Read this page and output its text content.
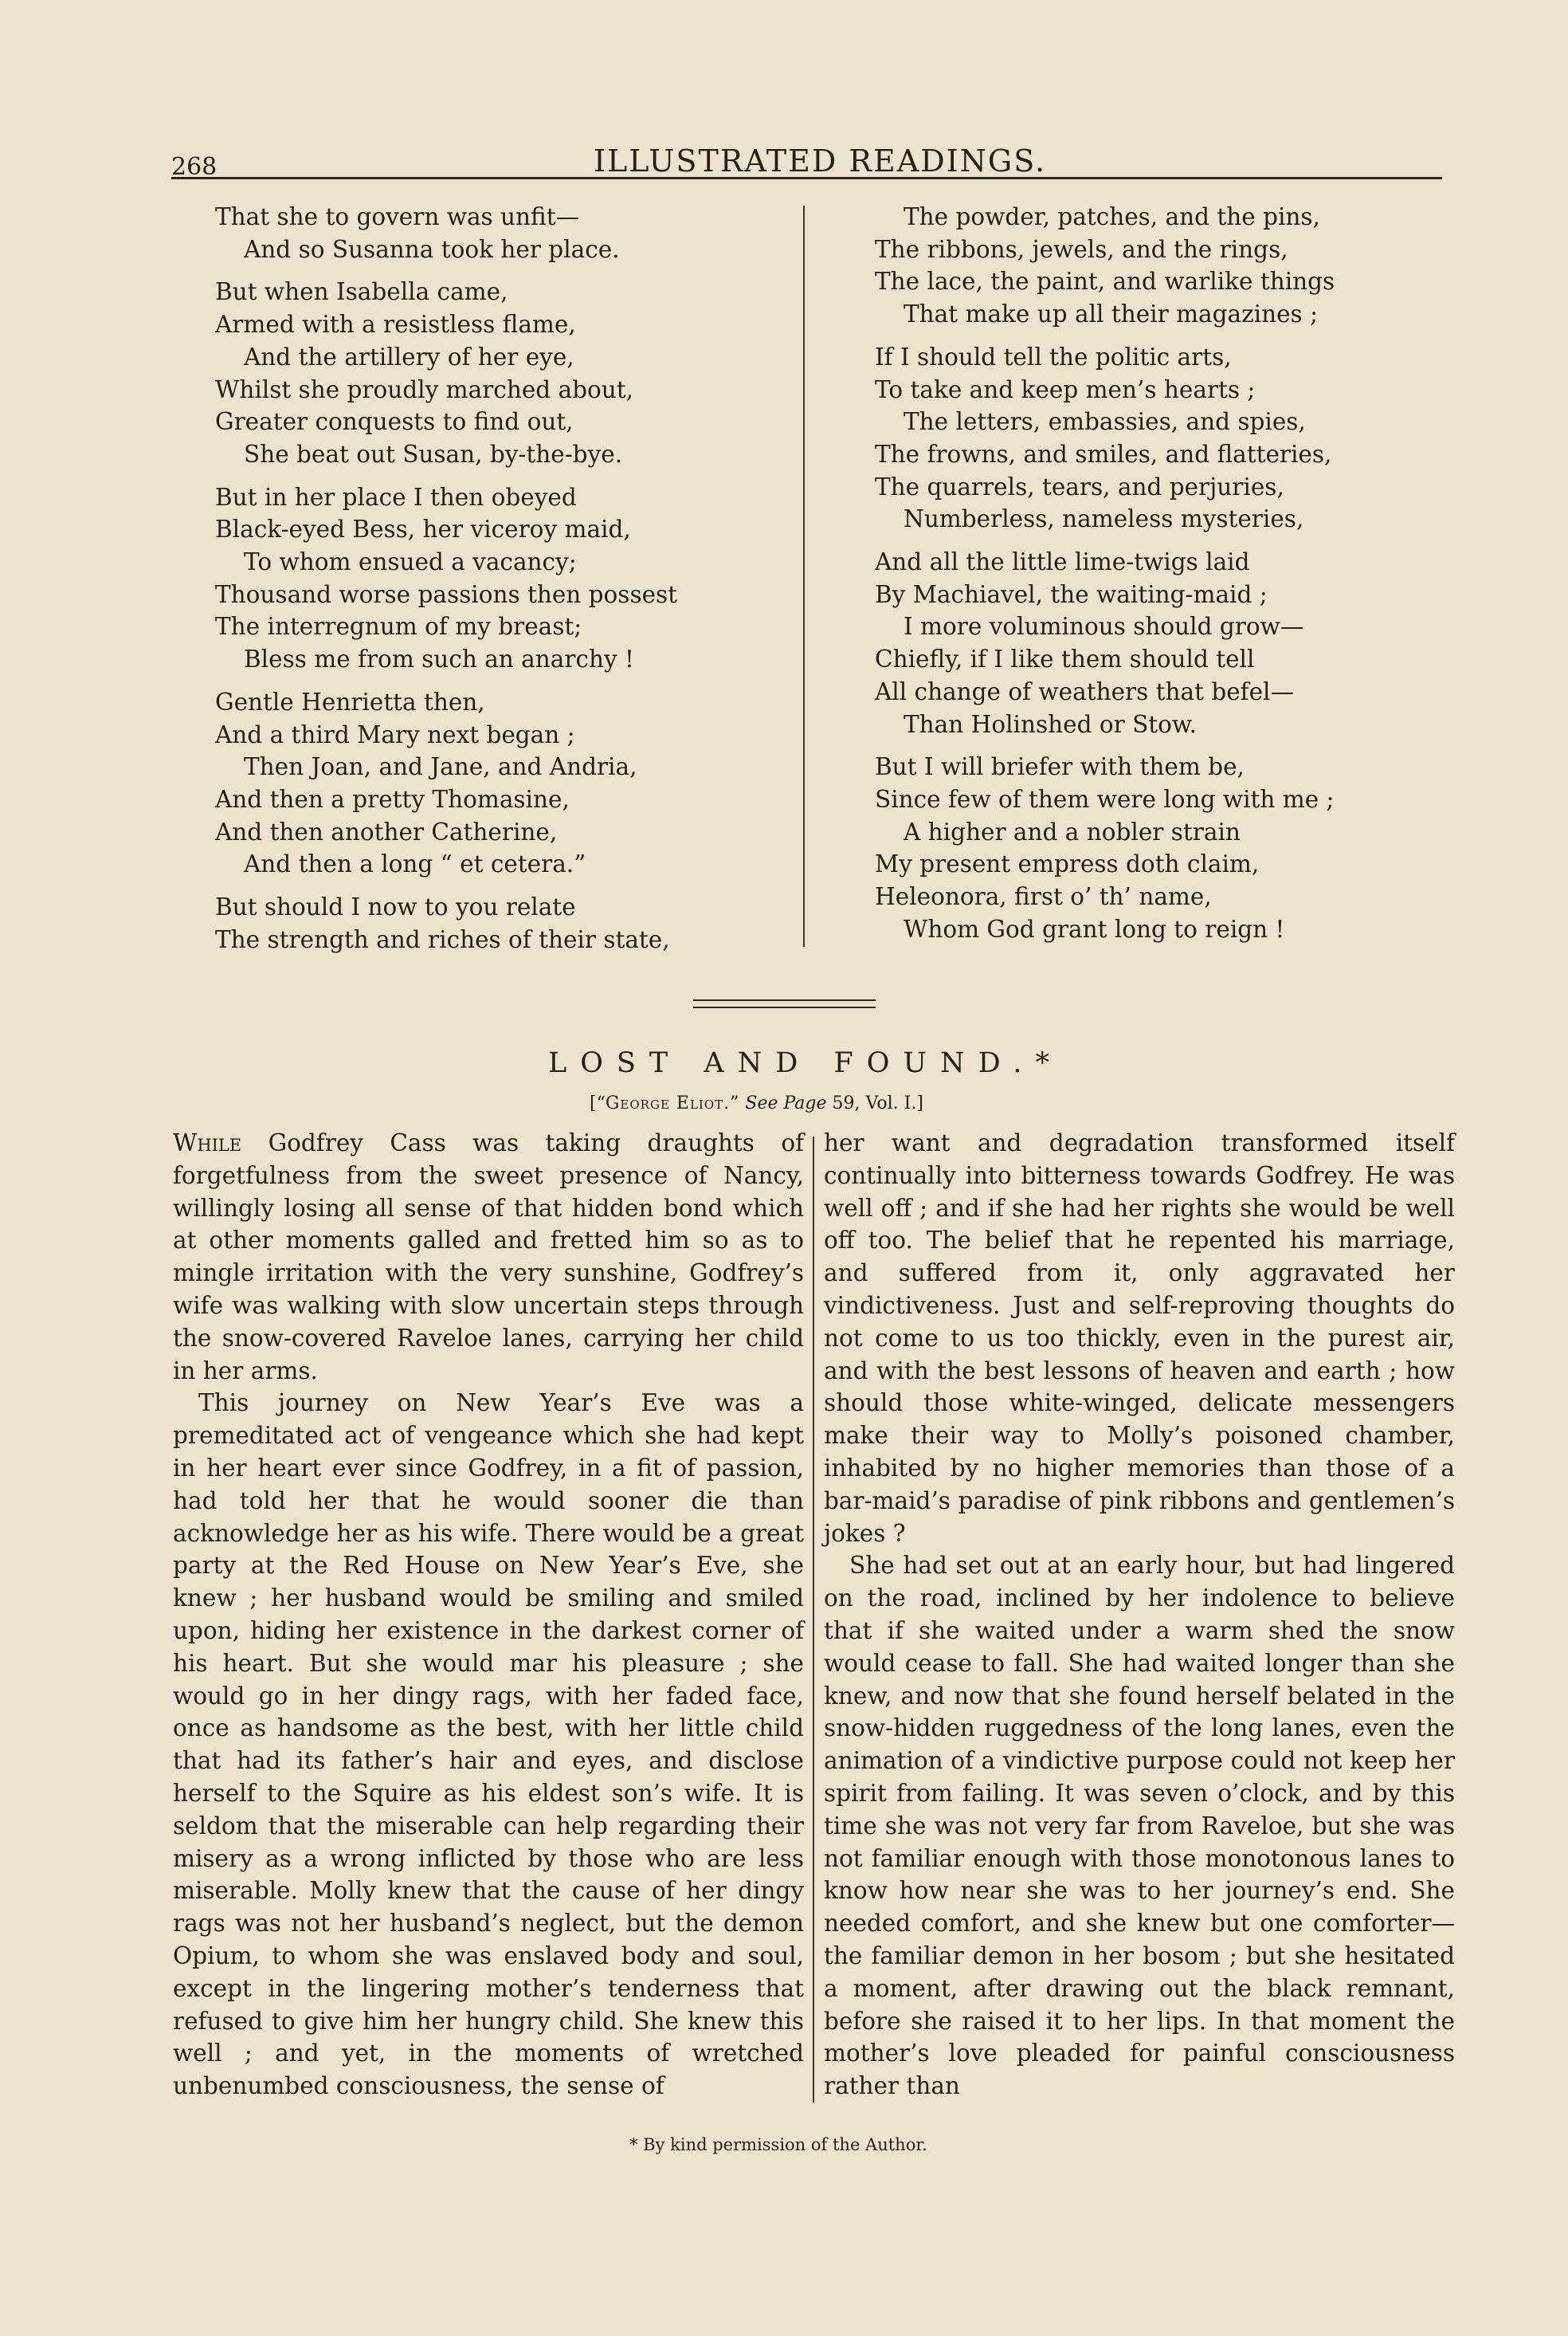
268	ILLUSTRATED READINGS.
That she to govern was unfit—
And so Susanna took her place.
But when Isabella came,
Armed with a resistless flame,
And the artillery of her eye,
Whilst she proudly marched about,
Greater conquests to find out,
She beat out Susan, by-the-bye.
But in her place I then obeyed
Black-eyed Bess, her viceroy maid,
To whom ensued a vacancy;
Thousand worse passions then possest
The interregnum of my breast;
Bless me from such an anarchy !
Gentle Henrietta then,
And a third Mary next began ;
Then Joan, and Jane, and Andria,
And then a pretty Thomasine,
And then another Catherine,
And then a long “ et cetera.”
But should I now to you relate
The strength and riches of their state,
The powder, patches, and the pins,
The ribbons, jewels, and the rings,
The lace, the paint, and warlike things
That make up all their magazines ;
If I should tell the politic arts,
To take and keep men’s hearts ;
The letters, embassies, and spies,
The frowns, and smiles, and flatteries,
The quarrels, tears, and perjuries,
Numberless, nameless mysteries,
And all the little lime-twigs laid
By Machiavel, the waiting-maid ;
I more voluminous should grow—
Chiefly, if I like them should tell
All change of weathers that befel—
Than Holinshed or Stow.
But I will briefer with them be,
Since few of them were long with me ;
A higher and a nobler strain
My present empress doth claim,
Heleonora, first o’ th’ name,
Whom God grant long to reign !
LOST AND FOUND.*
[“George Eliot.” See Page 59, Vol. I.]

While Godfrey Cass was taking draughts of forgetfulness from the sweet presence of Nancy, willingly losing all sense of that hidden bond which at other moments galled and fretted him so as to mingle irritation with the very sunshine, Godfrey’s wife was walking with slow uncertain steps through the snow-covered Raveloe lanes, carrying her child in her arms.

This journey on New Year’s Eve was a premeditated act of vengeance which she had kept in her heart ever since Godfrey, in a fit of passion, had told her that he would sooner die than acknowledge her as his wife. There would be a great party at the Red House on New Year’s Eve, she knew ; her husband would be smiling and smiled upon, hiding her existence in the darkest corner of his heart. But she would mar his pleasure ; she would go in her dingy rags, with her faded face, once as handsome as the best, with her little child that had its father’s hair and eyes, and disclose herself to the Squire as his eldest son’s wife. It is seldom that the miserable can help regarding their misery as a wrong inflicted by those who are less miserable. Molly knew that the cause of her dingy rags was not her husband’s neglect, but the demon Opium, to whom she was enslaved body and soul, except in the lingering mother’s tenderness that refused to give him her hungry child. She knew this well ; and yet, in the moments of wretched unbenumbed consciousness, the sense of

her want and degradation transformed itself continually into bitterness towards Godfrey. He was well off ; and if she had her rights she would be well off too. The belief that he repented his marriage, and suffered from it, only aggravated her vindictiveness. Just and self-reproving thoughts do not come to us too thickly, even in the purest air, and with the best lessons of heaven and earth ; how should those white-winged, delicate messengers make their way to Molly’s poisoned chamber, inhabited by no higher memories than those of a bar-maid’s paradise of pink ribbons and gentlemen’s jokes ?

She had set out at an early hour, but had lingered on the road, inclined by her indolence to believe that if she waited under a warm shed the snow would cease to fall. She had waited longer than she knew, and now that she found herself belated in the snow-hidden ruggedness of the long lanes, even the animation of a vindictive purpose could not keep her spirit from failing. It was seven o’clock, and by this time she was not very far from Raveloe, but she was not familiar enough with those monotonous lanes to know how near she was to her journey’s end. She needed comfort, and she knew but one comforter—the familiar demon in her bosom ; but she hesitated a moment, after drawing out the black remnant, before she raised it to her lips. In that moment the mother’s love pleaded for painful consciousness rather than

* By kind permission of the Author.
